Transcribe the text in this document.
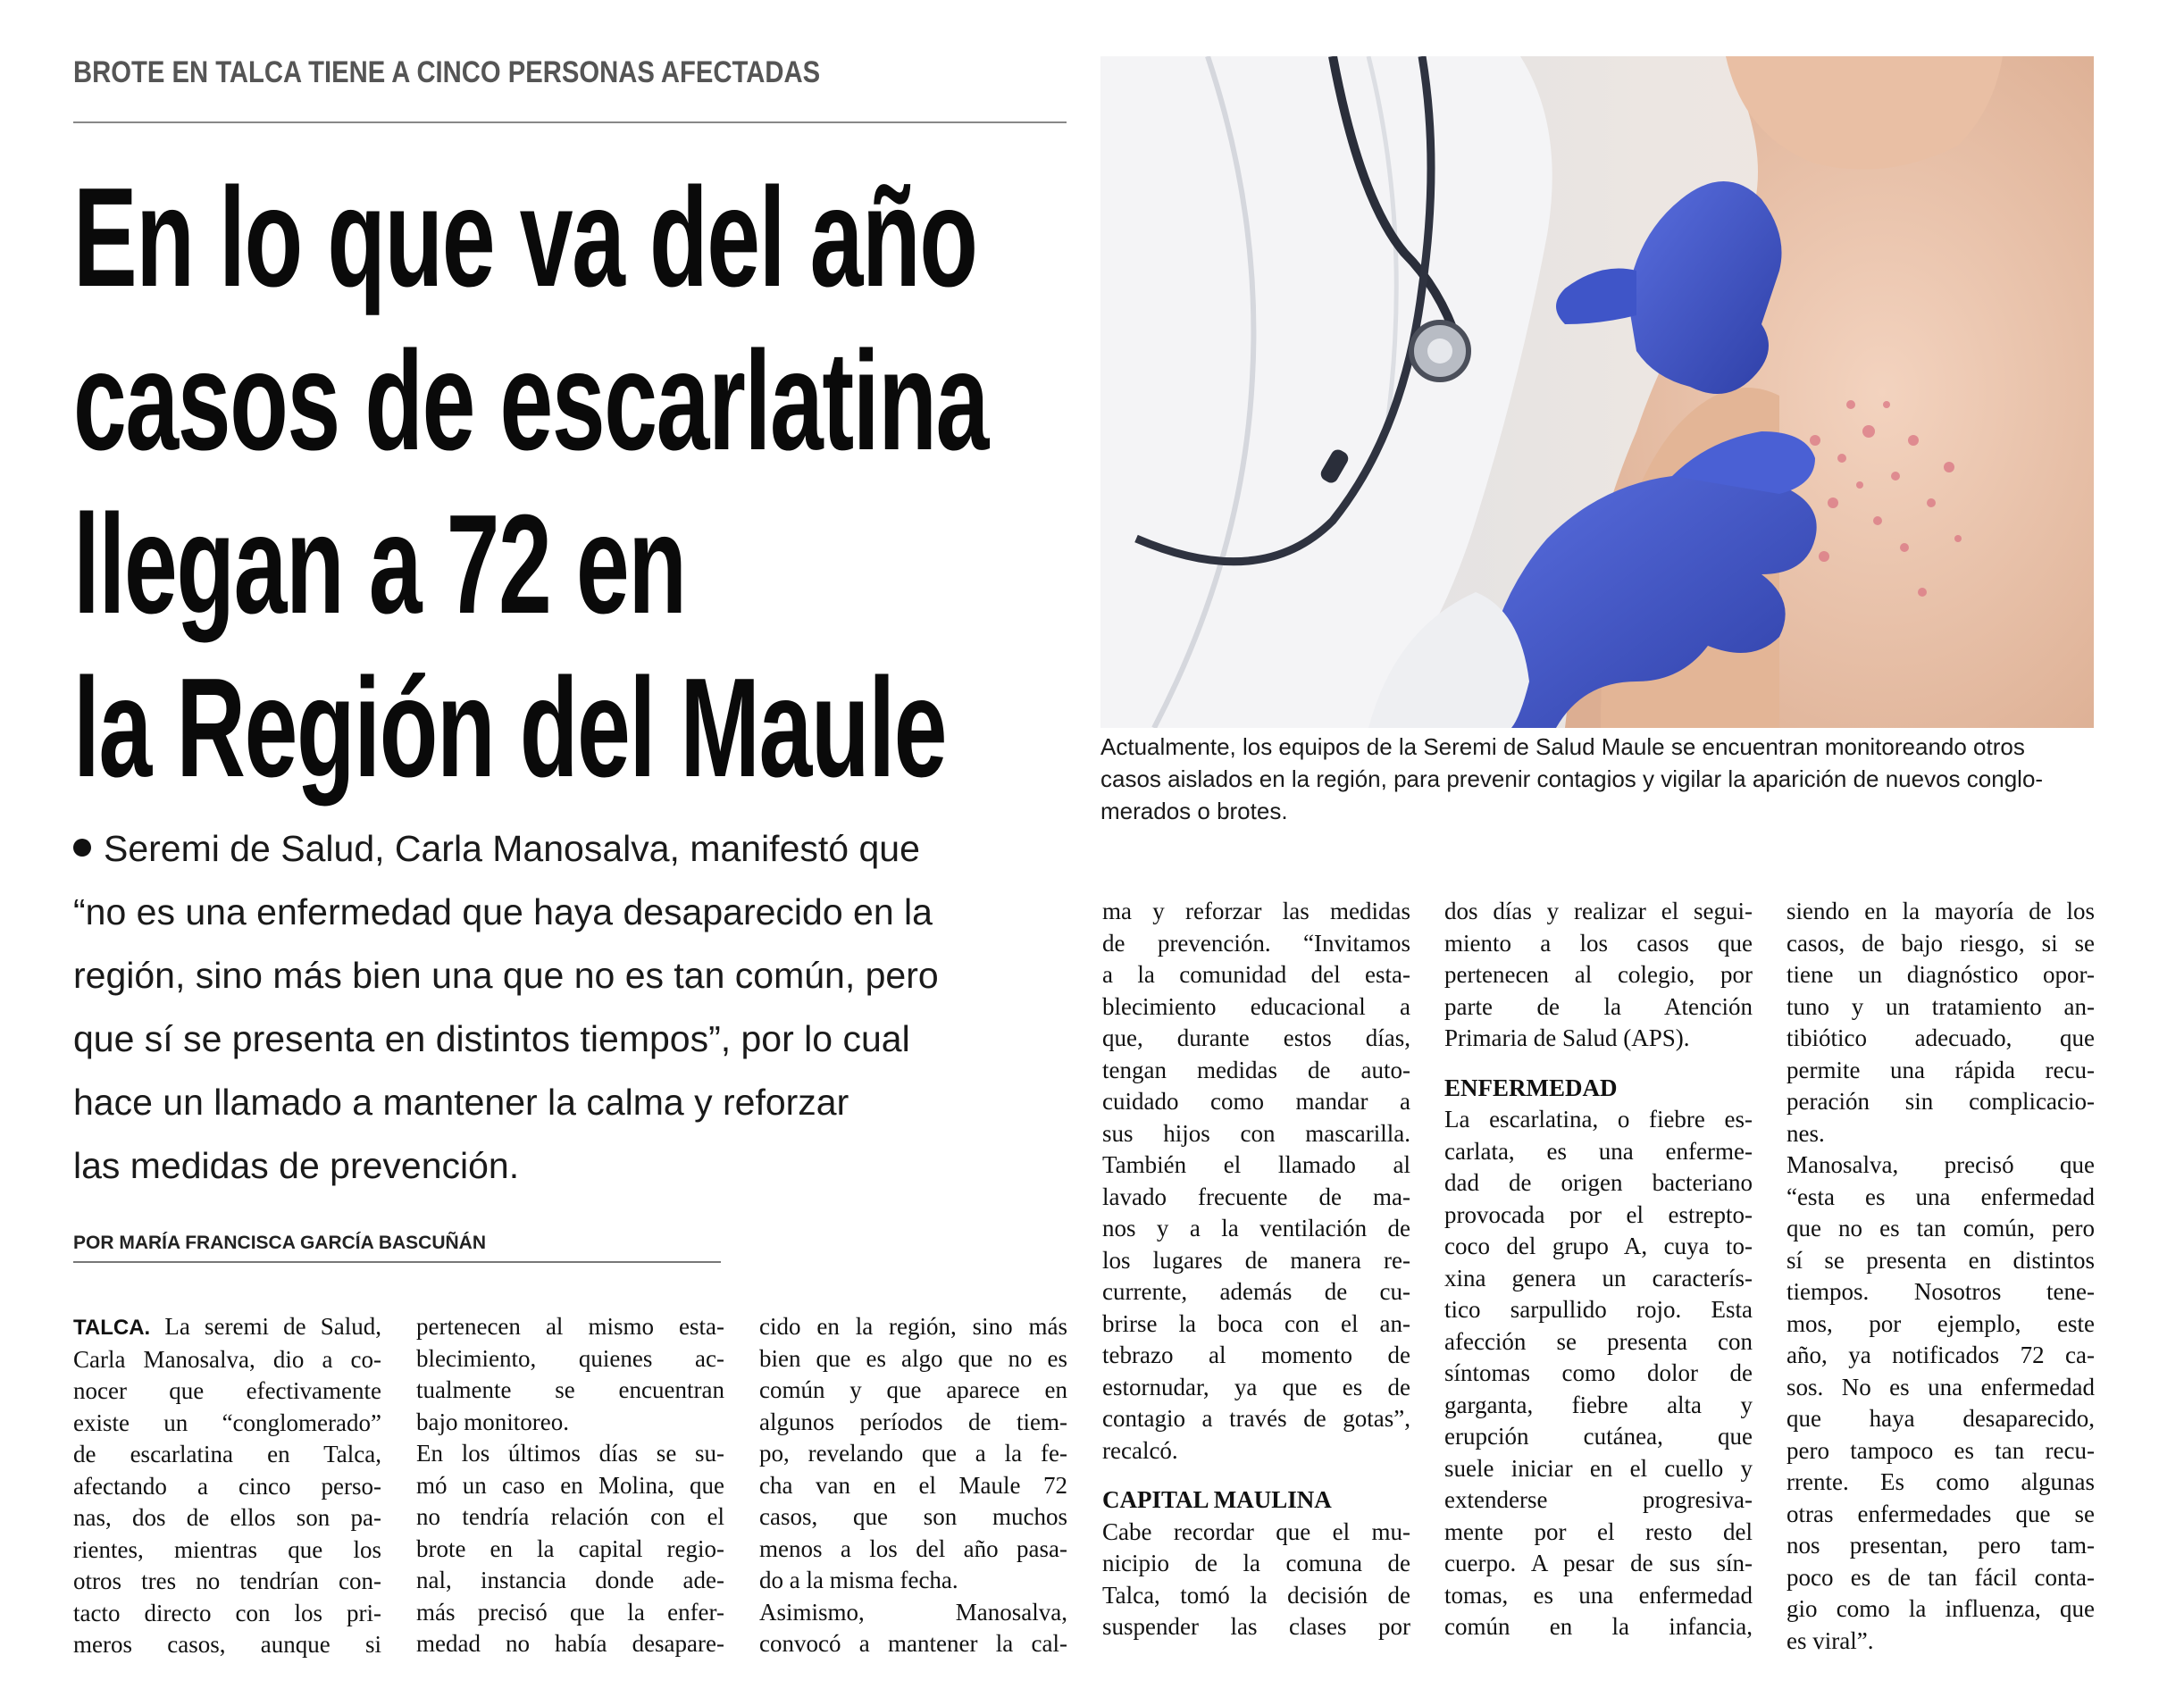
BROTE EN TALCA TIENE A CINCO PERSONAS AFECTADAS
En lo que va del año
casos de escarlatina
llegan a 72 en
la Región del Maule
Seremi de Salud, Carla Manosalva, manifestó que
“no es una enfermedad que haya desaparecido en la
región, sino más bien una que no es tan común, pero
que sí se presenta en distintos tiempos”, por lo cual
hace un llamado a mantener la calma y reforzar
las medidas de prevención.
POR MARÍA FRANCISCA GARCÍA BASCUÑÁN
Actualmente, los equipos de la Seremi de Salud Maule se encuentran monitoreando otros
casos aislados en la región, para prevenir contagios y vigilar la aparición de nuevos conglo-
merados o brotes.
TALCA. La seremi de Salud,
Carla Manosalva, dio a co-
nocer que efectivamente
existe un “conglomerado”
de escarlatina en Talca,
afectando a cinco perso-
nas, dos de ellos son pa-
rientes, mientras que los
otros tres no tendrían con-
tacto directo con los pri-
meros casos, aunque si
pertenecen al mismo esta-
blecimiento, quienes ac-
tualmente se encuentran
bajo monitoreo.
En los últimos días se su-
mó un caso en Molina, que
no tendría relación con el
brote en la capital regio-
nal, instancia donde ade-
más precisó que la enfer-
medad no había desapare-
cido en la región, sino más
bien que es algo que no es
común y que aparece en
algunos períodos de tiem-
po, revelando que a la fe-
cha van en el Maule 72
casos, que son muchos
menos a los del año pasa-
do a la misma fecha.
Asimismo, Manosalva,
convocó a mantener la cal-
ma y reforzar las medidas
de prevención. “Invitamos
a la comunidad del esta-
blecimiento educacional a
que, durante estos días,
tengan medidas de auto-
cuidado como mandar a
sus hijos con mascarilla.
También el llamado al
lavado frecuente de ma-
nos y a la ventilación de
los lugares de manera re-
currente, además de cu-
brirse la boca con el an-
tebrazo al momento de
estornudar, ya que es de
contagio a través de gotas”,
recalcó.
CAPITAL MAULINA
Cabe recordar que el mu-
nicipio de la comuna de
Talca, tomó la decisión de
suspender las clases por
dos días y realizar el segui-
miento a los casos que
pertenecen al colegio, por
parte de la Atención
Primaria de Salud (APS).
ENFERMEDAD
La escarlatina, o fiebre es-
carlata, es una enferme-
dad de origen bacteriano
provocada por el estrepto-
coco del grupo A, cuya to-
xina genera un caracterís-
tico sarpullido rojo. Esta
afección se presenta con
síntomas como dolor de
garganta, fiebre alta y
erupción cutánea, que
suele iniciar en el cuello y
extenderse progresiva-
mente por el resto del
cuerpo. A pesar de sus sín-
tomas, es una enfermedad
común en la infancia,
siendo en la mayoría de los
casos, de bajo riesgo, si se
tiene un diagnóstico opor-
tuno y un tratamiento an-
tibiótico adecuado, que
permite una rápida recu-
peración sin complicacio-
nes.
Manosalva, precisó que
“esta es una enfermedad
que no es tan común, pero
sí se presenta en distintos
tiempos. Nosotros tene-
mos, por ejemplo, este
año, ya notificados 72 ca-
sos. No es una enfermedad
que haya desaparecido,
pero tampoco es tan recu-
rrente. Es como algunas
otras enfermedades que se
nos presentan, pero tam-
poco es de tan fácil conta-
gio como la influenza, que
es viral”.
